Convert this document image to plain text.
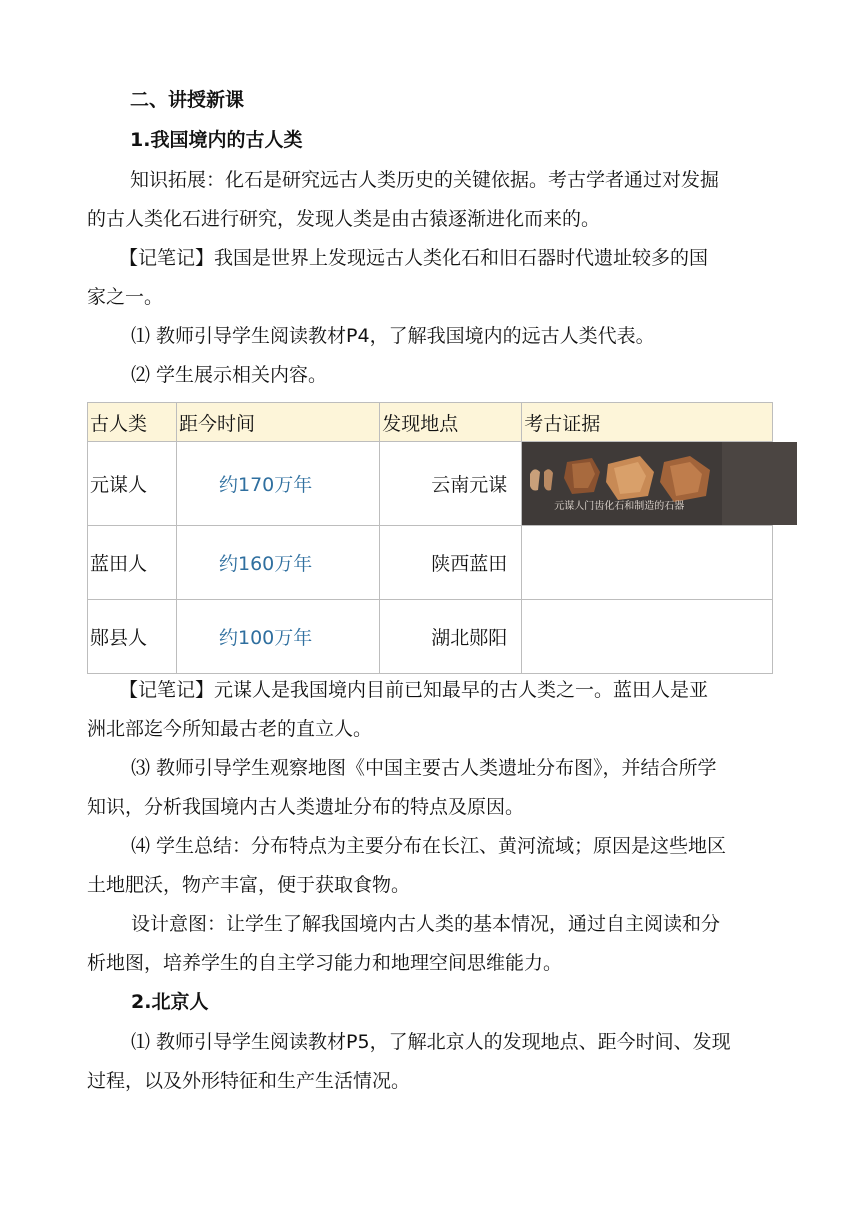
二、讲授新课
1.我国境内的古人类
知识拓展：化石是研究远古人类历史的关键依据。考古学者通过对发掘
的古人类化石进行研究，发现人类是由古猿逐渐进化而来的。
【记笔记】我国是世界上发现远古人类化石和旧石器时代遗址较多的国
家之一。
⑴ 教师引导学生阅读教材P4，了解我国境内的远古人类代表。
⑵ 学生展示相关内容。
古人类	距今时间	发现地点	考古证据
元谋人	约170万年	云南元谋	元谋人门齿化石和制造的石器

蓝田人	约160万年	陕西蓝田	
郧县人	约100万年	湖北郧阳	
【记笔记】元谋人是我国境内目前已知最早的古人类之一。蓝田人是亚
洲北部迄今所知最古老的直立人。
⑶ 教师引导学生观察地图《中国主要古人类遗址分布图》，并结合所学
知识，分析我国境内古人类遗址分布的特点及原因。
⑷ 学生总结：分布特点为主要分布在长江、黄河流域；原因是这些地区
土地肥沃，物产丰富，便于获取食物。
设计意图：让学生了解我国境内古人类的基本情况，通过自主阅读和分
析地图，培养学生的自主学习能力和地理空间思维能力。
2.北京人
⑴ 教师引导学生阅读教材P5，了解北京人的发现地点、距今时间、发现
过程，以及外形特征和生产生活情况。
